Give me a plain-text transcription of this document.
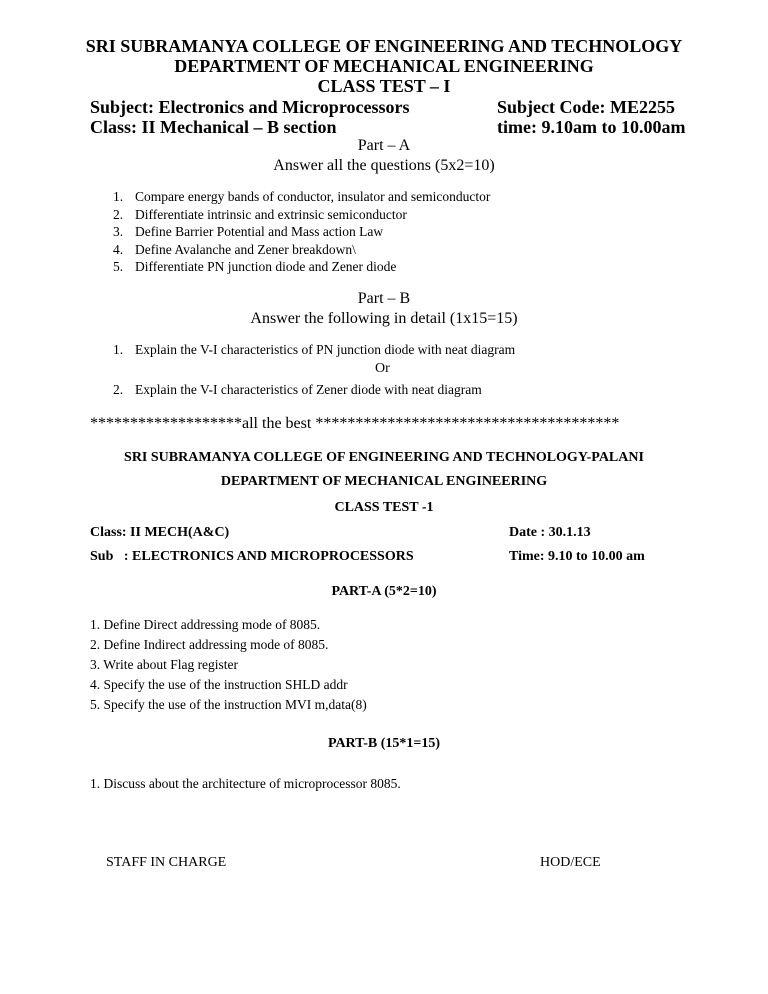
SRI SUBRAMANYA COLLEGE OF ENGINEERING AND TECHNOLOGY
DEPARTMENT OF MECHANICAL ENGINEERING
CLASS TEST – I
Subject: Electronics and Microprocessors	Subject Code: ME2255
Class: II Mechanical – B section	time: 9.10am to 10.00am
Part – A
Answer all the questions (5x2=10)
1. Compare energy bands of conductor, insulator and semiconductor
2. Differentiate intrinsic and extrinsic semiconductor
3. Define Barrier Potential and Mass action Law
4. Define Avalanche and Zener breakdown\
5. Differentiate PN junction diode and Zener diode
Part – B
Answer the following in detail (1x15=15)
1. Explain the V-I characteristics of PN junction diode with neat diagram
Or
2. Explain the V-I characteristics of Zener diode with neat diagram
*******************all the best **************************************
SRI SUBRAMANYA COLLEGE OF ENGINEERING AND TECHNOLOGY-PALANI
DEPARTMENT OF MECHANICAL ENGINEERING
CLASS TEST -1
Class: II MECH(A&C)	Date : 30.1.13
Sub   : ELECTRONICS AND MICROPROCESSORS	Time: 9.10 to 10.00 am
PART-A (5*2=10)
1. Define Direct addressing mode of 8085.
2. Define Indirect addressing mode of 8085.
3. Write about Flag register
4. Specify the use of the instruction SHLD addr
5. Specify the use of the instruction MVI m,data(8)
PART-B (15*1=15)
1. Discuss about the architecture of microprocessor 8085.
STAFF IN CHARGE	HOD/ECE
